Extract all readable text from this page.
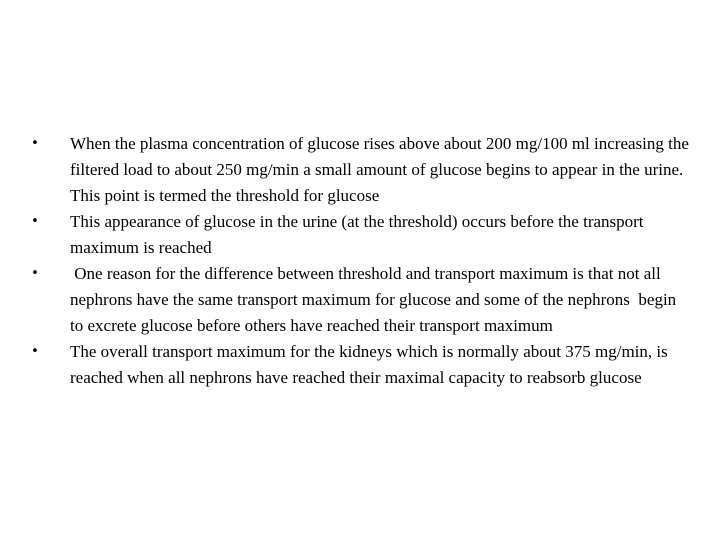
• When the plasma concentration of glucose rises above about 200 mg/100 ml increasing the filtered load to about 250 mg/min a small amount of glucose begins to appear in the urine. This point is termed the threshold for glucose
• This appearance of glucose in the urine (at the threshold) occurs before the transport maximum is reached
• One reason for the difference between threshold and transport maximum is that not all nephrons have the same transport maximum for glucose and some of the nephrons  begin to excrete glucose before others have reached their transport maximum
• The overall transport maximum for the kidneys which is normally about 375 mg/min, is reached when all nephrons have reached their maximal capacity to reabsorb glucose
